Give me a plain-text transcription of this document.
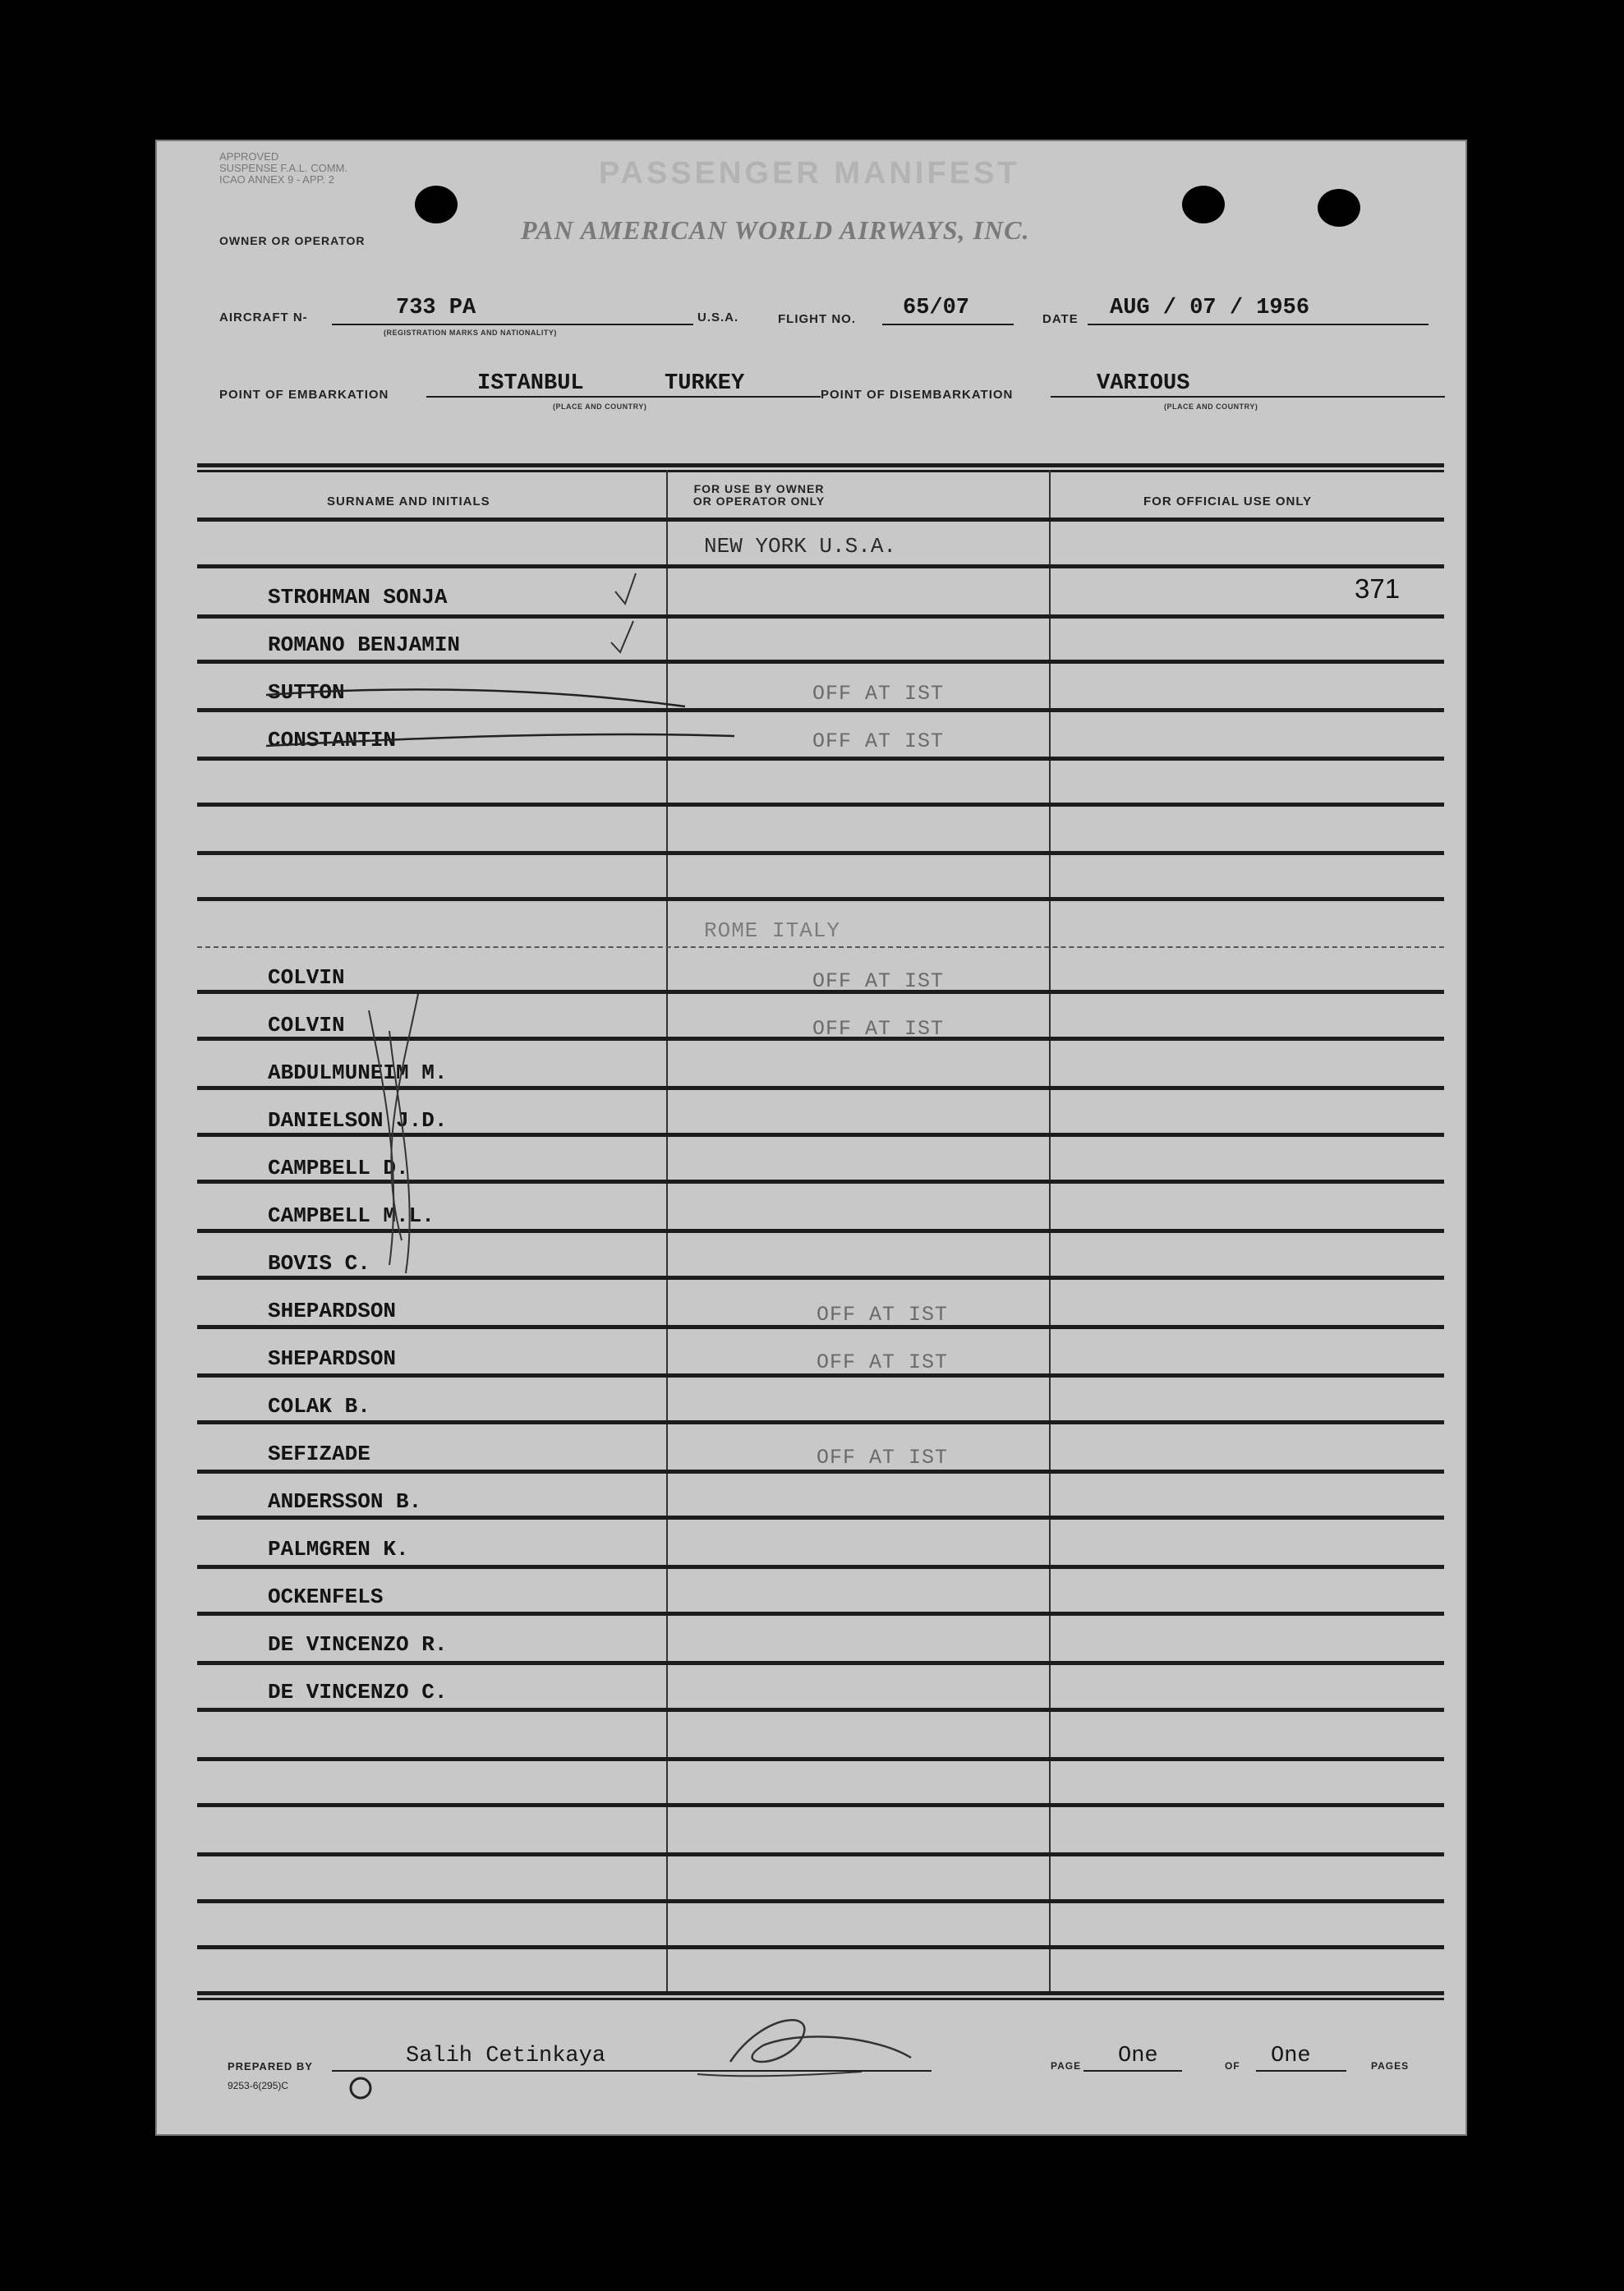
APPROVED
SUSPENSE F.A.L. COMM.
ICAO ANNEX 9 - APP. 2	PASSENGER MANIFEST
PAN AMERICAN WORLD AIRWAYS, INC.
OWNER OR OPERATOR
AIRCRAFT N-	733 PA
(REGISTRATION MARKS AND NATIONALITY)
U.S.A.	FLIGHT NO. 65/07	DATE AUG / 07 / 1956
POINT OF EMBARKATION	ISTANBUL	TURKEY
(PLACE AND COUNTRY)
POINT OF DISEMBARKATION	VARIOUS
(PLACE AND COUNTRY)
SURNAME AND INITIALS
FOR USE BY OWNER
OR OPERATOR ONLY	FOR OFFICIAL USE ONLY
NEW YORK U.S.A.
ROME ITALY
371
STROHMAN SONJA
ROMANO BENJAMIN
SUTTON	OFF AT IST
CONSTANTIN	OFF AT IST
COLVIN	OFF AT IST
COLVIN	OFF AT IST
ABDULMUNEIM M.
DANIELSON J.D.
CAMPBELL D.
CAMPBELL M.L.
BOVIS C.
SHEPARDSON	OFF AT IST
SHEPARDSON	OFF AT IST
COLAK B.
SEFIZADE	OFF AT IST
ANDERSSON B.
PALMGREN K.
OCKENFELS
DE VINCENZO R.
DE VINCENZO C.
PREPARED BY	Salih Cetinkaya
9253-6(295)C
PAGE One	OF One	PAGES
